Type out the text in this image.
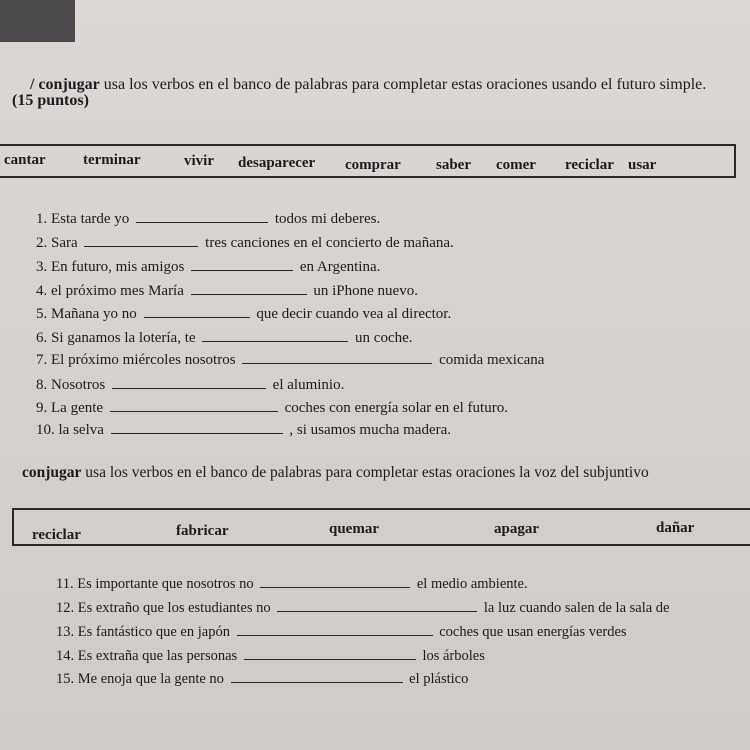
/ conjugar usa los verbos en el banco de palabras para completar estas oraciones usando el futuro simple.
(15 puntos)
cantar terminar	vivir desaparecer comprar saber comer reciclar usar
1. Esta tarde yo	todos mi deberes.
2. Sara	tres canciones en el concierto de mañana.
3. En futuro, mis amigos	en Argentina.
4. el próximo mes María	un iPhone nuevo.
5. Mañana yo no	que decir cuando vea al director.
6. Si ganamos la lotería, te	un coche.
7. El próximo miércoles nosotros	comida mexicana
8. Nosotros	el aluminio.
9. La gente	coches con energía solar en el futuro.
10. la selva	, si usamos mucha madera.
conjugar usa los verbos en el banco de palabras para completar estas oraciones la voz del subjuntivo
reciclar	fabricar	quemar	apagar	dañar
11. Es importante que nosotros no	el medio ambiente.
12. Es extraño que los estudiantes no	la luz cuando salen de la sala de
13. Es fantástico que en japón	coches que usan energías verdes
14. Es extraña que las personas	los árboles
15. Me enoja que la gente no	el plástico
